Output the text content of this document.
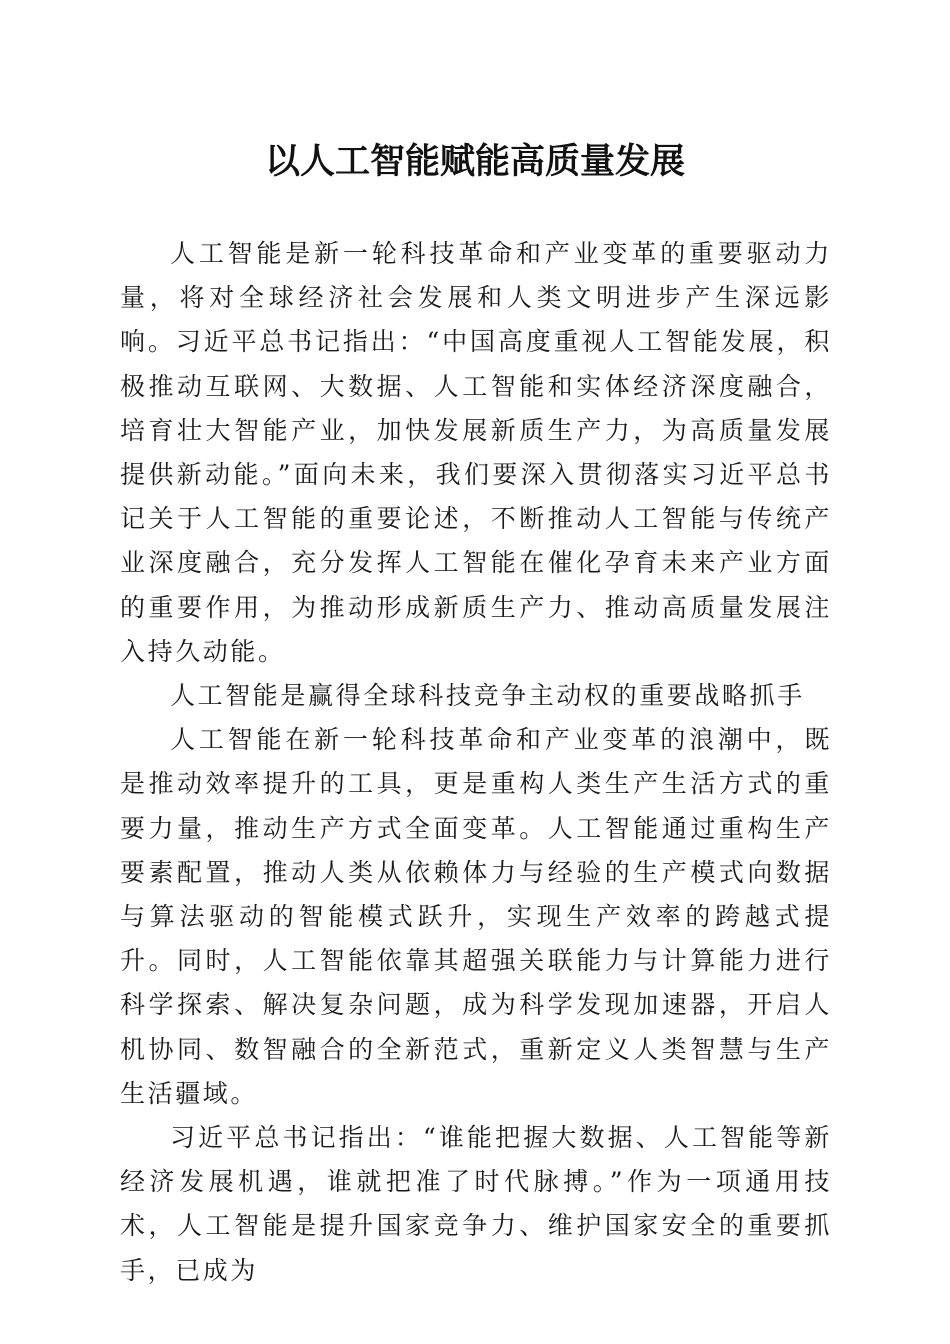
以人工智能赋能高质量发展

人工智能是新一轮科技革命和产业变革的重要驱动力量，将对全球经济社会发展和人类文明进步产生深远影响。习近平总书记指出：“中国高度重视人工智能发展，积极推动互联网、大数据、人工智能和实体经济深度融合，培育壮大智能产业，加快发展新质生产力，为高质量发展提供新动能。”面向未来，我们要深入贯彻落实习近平总书记关于人工智能的重要论述，不断推动人工智能与传统产业深度融合，充分发挥人工智能在催化孕育未来产业方面的重要作用，为推动形成新质生产力、推动高质量发展注入持久动能。

人工智能是赢得全球科技竞争主动权的重要战略抓手

人工智能在新一轮科技革命和产业变革的浪潮中，既是推动效率提升的工具，更是重构人类生产生活方式的重要力量，推动生产方式全面变革。人工智能通过重构生产要素配置，推动人类从依赖体力与经验的生产模式向数据与算法驱动的智能模式跃升，实现生产效率的跨越式提升。同时，人工智能依靠其超强关联能力与计算能力进行科学探索、解决复杂问题，成为科学发现加速器，开启人机协同、数智融合的全新范式，重新定义人类智慧与生产生活疆域。

习近平总书记指出：“谁能把握大数据、人工智能等新经济发展机遇，谁就把准了时代脉搏。”作为一项通用技术，人工智能是提升国家竞争力、维护国家安全的重要抓手，已成为
